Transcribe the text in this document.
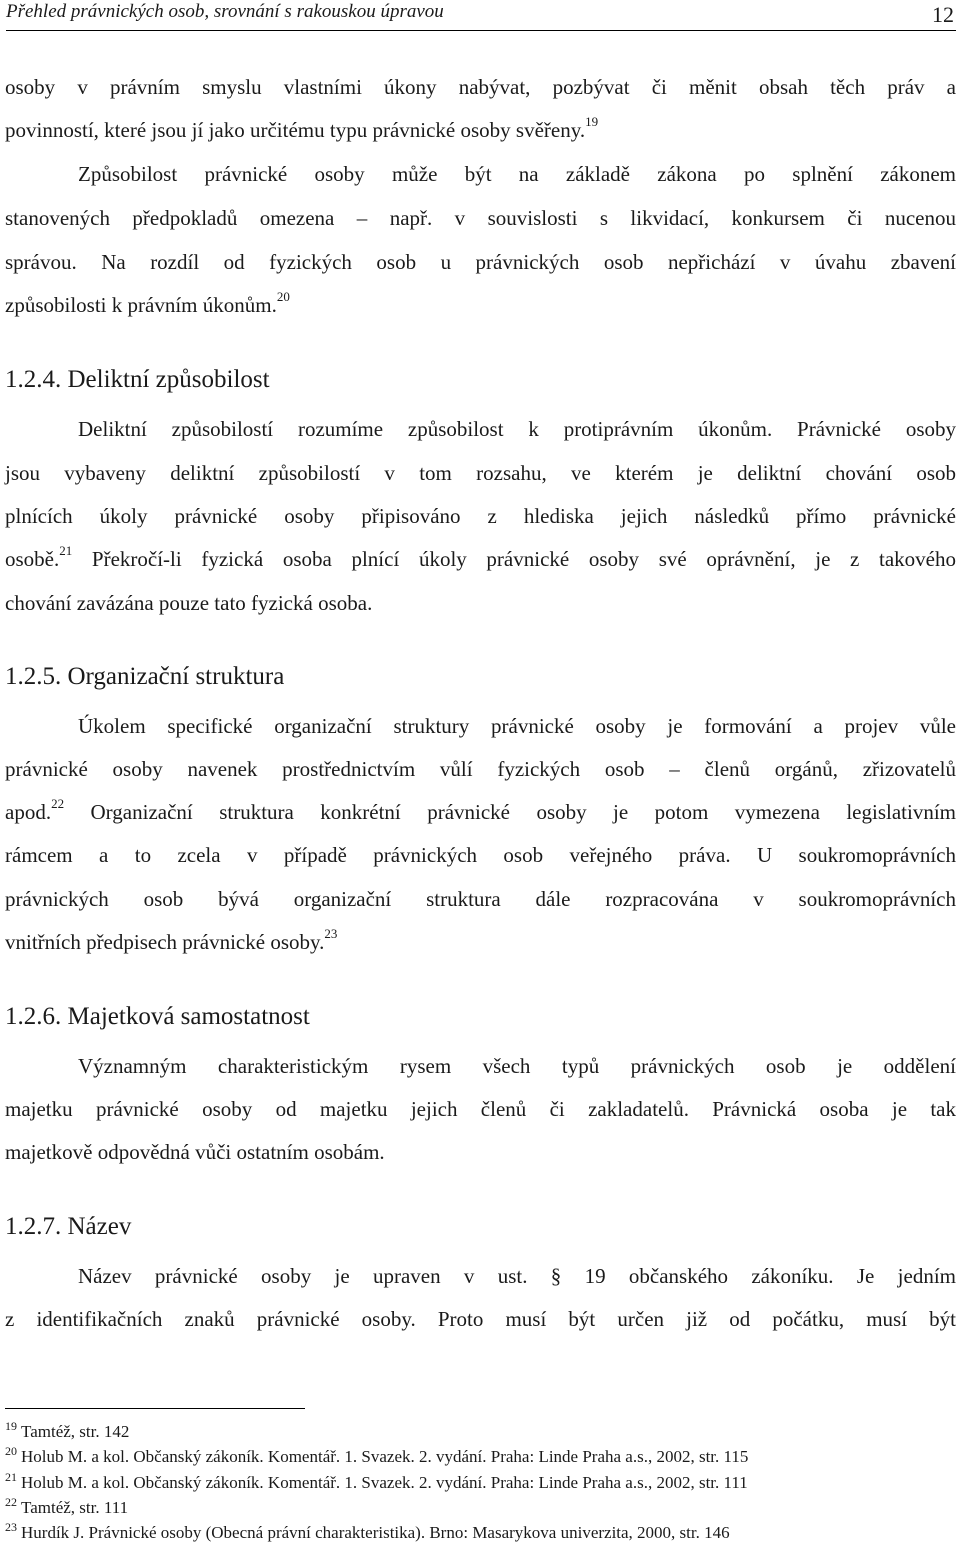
Přehled právnických osob, srovnání s rakouskou úpravou	12
osoby v právním smyslu vlastními úkony nabývat, pozbývat či měnit obsah těch práv a
povinností, které jsou jí jako určitému typu právnické osoby svěřeny.$^{19}$
Způsobilost právnické osoby může být na základě zákona po splnění zákonem
stanovených předpokladů omezena – např. v souvislosti s likvidací, konkursem či nucenou
správou. Na rozdíl od fyzických osob u právnických osob nepřichází v úvahu zbavení
způsobilosti k právním úkonům.$^{20}$
1.2.4. Deliktní způsobilost
Deliktní způsobilostí rozumíme způsobilost k protiprávním úkonům. Právnické osoby
jsou vybaveny deliktní způsobilostí v tom rozsahu, ve kterém je deliktní chování osob
plnících úkoly právnické osoby připisováno z hlediska jejich následků přímo právnické
osobě.$^{21}$ Překročí-li fyzická osoba plnící úkoly právnické osoby své oprávnění, je z takového
chování zavázána pouze tato fyzická osoba.
1.2.5. Organizační struktura
Úkolem specifické organizační struktury právnické osoby je formování a projev vůle
právnické osoby navenek prostřednictvím vůlí fyzických osob – členů orgánů, zřizovatelů
apod.$^{22}$ Organizační struktura konkrétní právnické osoby je potom vymezena legislativním
rámcem a to zcela v případě právnických osob veřejného práva. U soukromoprávních
právnických osob bývá organizační struktura dále rozpracována v soukromoprávních
vnitřních předpisech právnické osoby.$^{23}$
1.2.6. Majetková samostatnost
Významným charakteristickým rysem všech typů právnických osob je oddělení
majetku právnické osoby od majetku jejich členů či zakladatelů. Právnická osoba je tak
majetkově odpovědná vůči ostatním osobám.
1.2.7. Název
Název právnické osoby je upraven v ust. § 19 občanského zákoníku. Je jedním
z identifikačních znaků právnické osoby. Proto musí být určen již od počátku, musí být
$^{19}$ Tamtéž, str. 142
$^{20}$ Holub M. a kol. Občanský zákoník. Komentář. 1. Svazek. 2. vydání. Praha: Linde Praha a.s., 2002, str. 115
$^{21}$ Holub M. a kol. Občanský zákoník. Komentář. 1. Svazek. 2. vydání. Praha: Linde Praha a.s., 2002, str. 111
$^{22}$ Tamtéž, str. 111
$^{23}$ Hurdík J. Právnické osoby (Obecná právní charakteristika). Brno: Masarykova univerzita, 2000, str. 146
